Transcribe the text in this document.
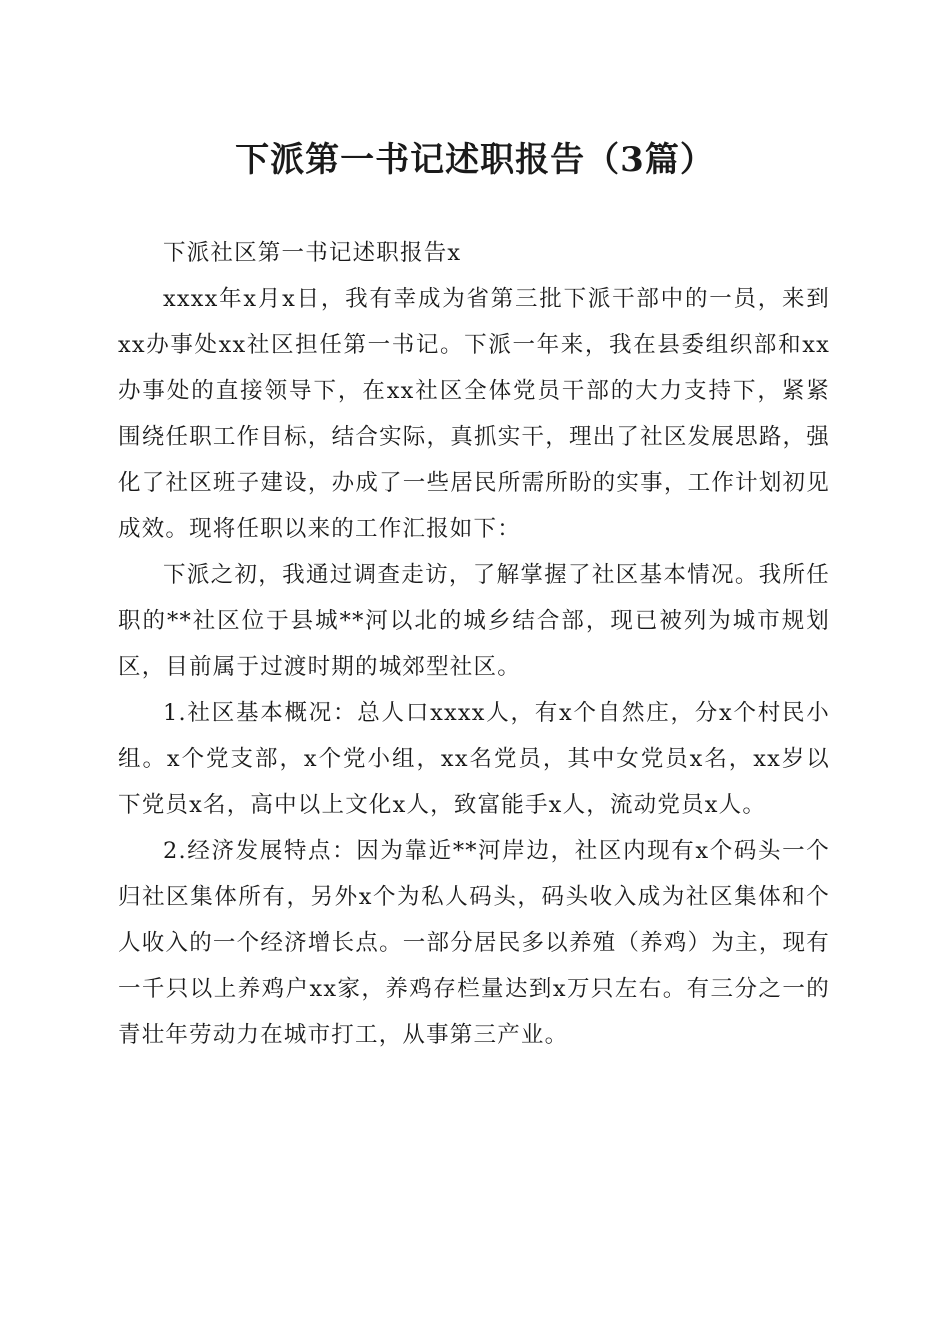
下派第一书记述职报告（3篇）

下派社区第一书记述职报告x

xxxx年x月x日，我有幸成为省第三批下派干部中的一员，来到xx办事处xx社区担任第一书记。下派一年来，我在县委组织部和xx办事处的直接领导下，在xx社区全体党员干部的大力支持下，紧紧围绕任职工作目标，结合实际，真抓实干，理出了社区发展思路，强化了社区班子建设，办成了一些居民所需所盼的实事，工作计划初见成效。现将任职以来的工作汇报如下：

下派之初，我通过调查走访，了解掌握了社区基本情况。我所任职的**社区位于县城**河以北的城乡结合部，现已被列为城市规划区，目前属于过渡时期的城郊型社区。

1.社区基本概况：总人口xxxx人，有x个自然庄，分x个村民小组。x个党支部，x个党小组，xx名党员，其中女党员x名，xx岁以下党员x名，高中以上文化x人，致富能手x人，流动党员x人。

2.经济发展特点：因为靠近**河岸边，社区内现有x个码头一个归社区集体所有，另外x个为私人码头，码头收入成为社区集体和个人收入的一个经济增长点。一部分居民多以养殖（养鸡）为主，现有一千只以上养鸡户xx家，养鸡存栏量达到x万只左右。有三分之一的青壮年劳动力在城市打工，从事第三产业。
